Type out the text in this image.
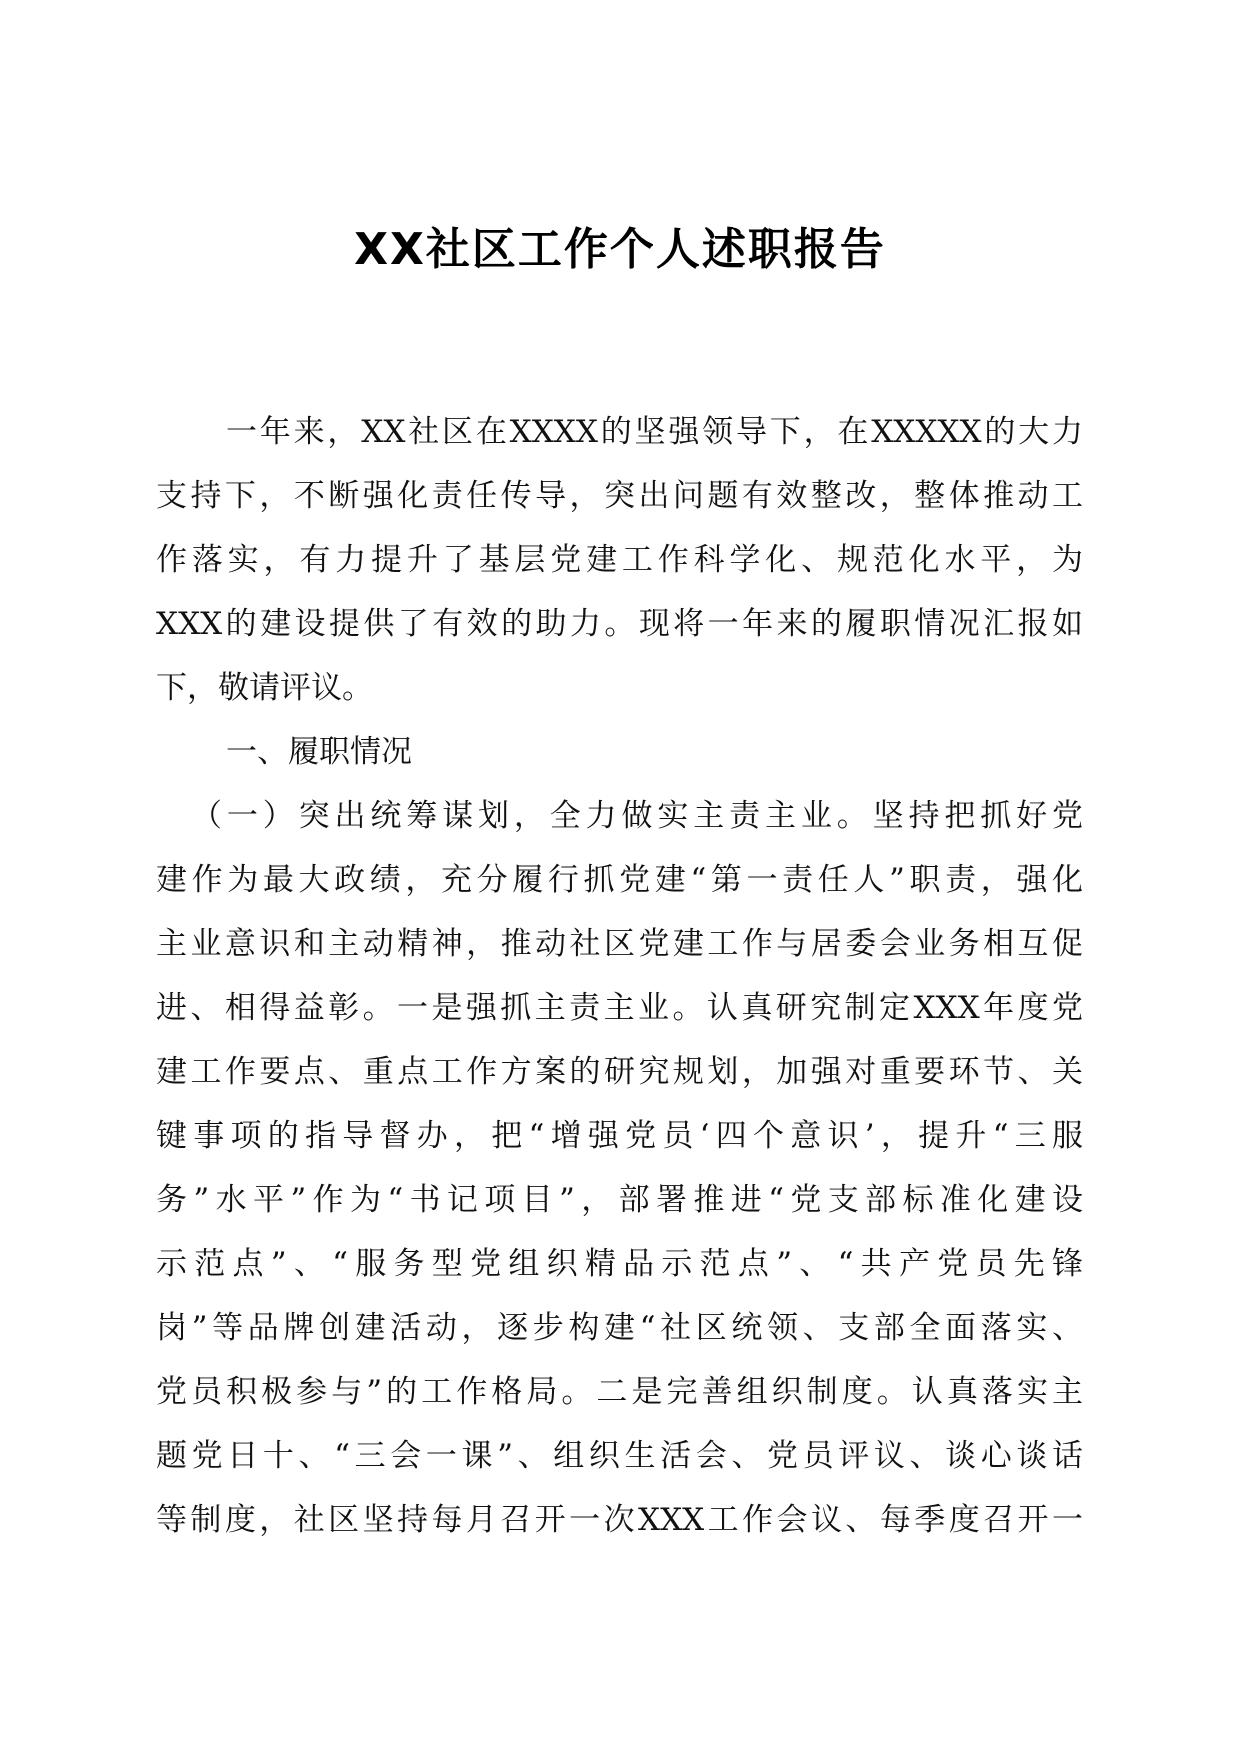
XX社区工作个人述职报告
一年来，XX社区在XXXX的坚强领导下，在XXXXX的大力
支持下，不断强化责任传导，突出问题有效整改，整体推动工
作落实，有力提升了基层党建工作科学化、规范化水平，为
XXX的建设提供了有效的助力。现将一年来的履职情况汇报如
下，敬请评议。
一、履职情况
（一）突出统筹谋划，全力做实主责主业。坚持把抓好党
建作为最大政绩，充分履行抓党建“第一责任人”职责，强化
主业意识和主动精神，推动社区党建工作与居委会业务相互促
进、相得益彰。一是强抓主责主业。认真研究制定XXX年度党
建工作要点、重点工作方案的研究规划，加强对重要环节、关
键事项的指导督办，把“增强党员‘四个意识’，提升“三服
务”水平”作为“书记项目”，部署推进“党支部标准化建设
示范点”、“服务型党组织精品示范点”、“共产党员先锋
岗”等品牌创建活动，逐步构建“社区统领、支部全面落实、
党员积极参与”的工作格局。二是完善组织制度。认真落实主
题党日十、“三会一课”、组织生活会、党员评议、谈心谈话
等制度，社区坚持每月召开一次XXX工作会议、每季度召开一
